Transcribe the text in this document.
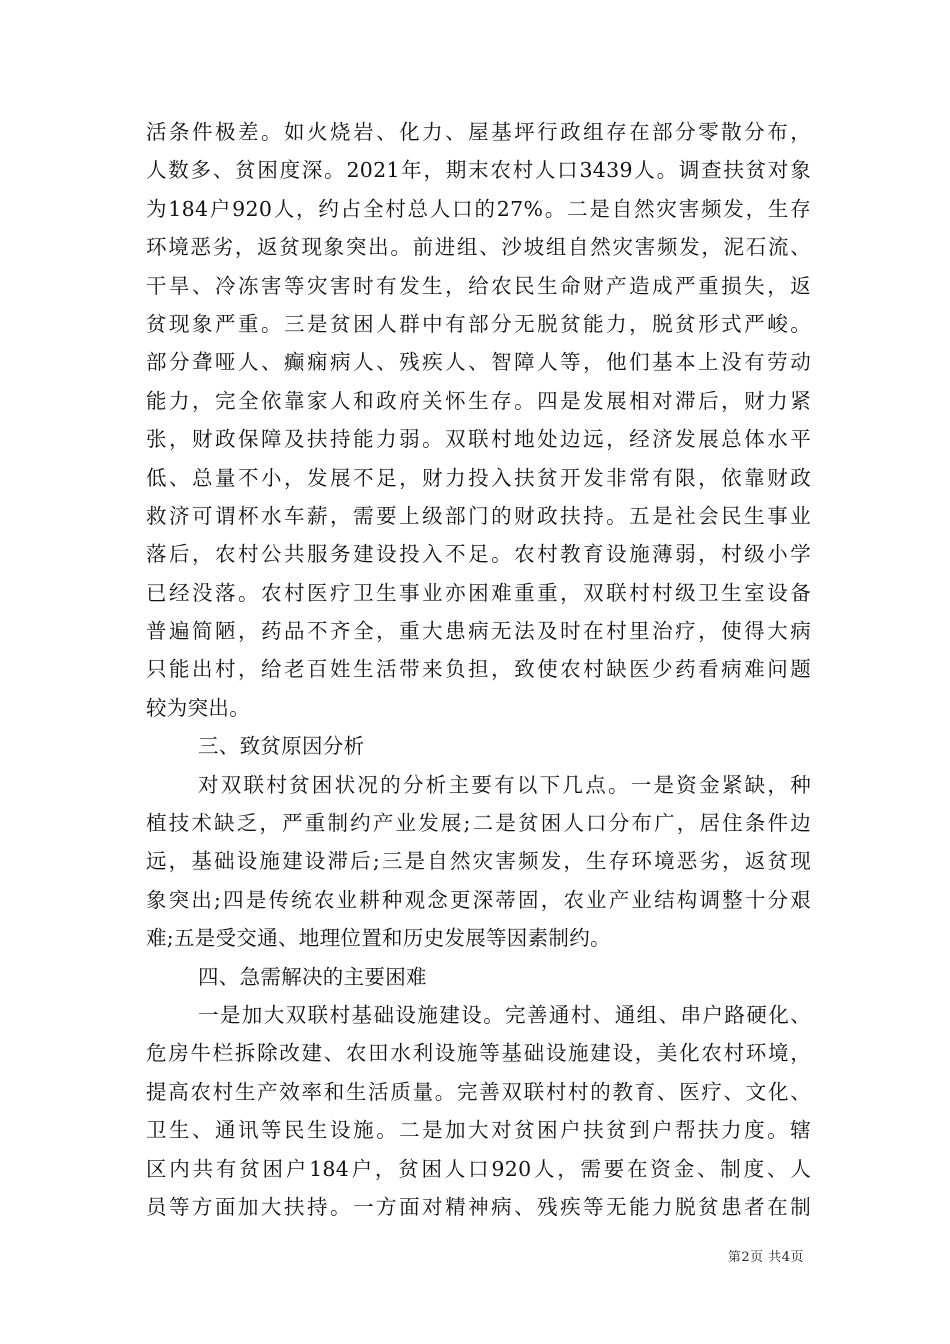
活条件极差。如火烧岩、化力、屋基坪行政组存在部分零散分布，
人数多、贫困度深。2021年，期末农村人口3439人。调查扶贫对象
为184户920人，约占全村总人口的27%。二是自然灾害频发，生存
环境恶劣，返贫现象突出。前进组、沙坡组自然灾害频发，泥石流、
干旱、冷冻害等灾害时有发生，给农民生命财产造成严重损失，返
贫现象严重。三是贫困人群中有部分无脱贫能力，脱贫形式严峻。
部分聋哑人、癫痫病人、残疾人、智障人等，他们基本上没有劳动
能力，完全依靠家人和政府关怀生存。四是发展相对滞后，财力紧
张，财政保障及扶持能力弱。双联村地处边远，经济发展总体水平
低、总量不小，发展不足，财力投入扶贫开发非常有限，依靠财政
救济可谓杯水车薪，需要上级部门的财政扶持。五是社会民生事业
落后，农村公共服务建设投入不足。农村教育设施薄弱，村级小学
已经没落。农村医疗卫生事业亦困难重重，双联村村级卫生室设备
普遍简陋，药品不齐全，重大患病无法及时在村里治疗，使得大病
只能出村，给老百姓生活带来负担，致使农村缺医少药看病难问题
较为突出。
三、致贫原因分析
对双联村贫困状况的分析主要有以下几点。一是资金紧缺，种
植技术缺乏，严重制约产业发展;二是贫困人口分布广，居住条件边
远，基础设施建设滞后;三是自然灾害频发，生存环境恶劣，返贫现
象突出;四是传统农业耕种观念更深蒂固，农业产业结构调整十分艰
难;五是受交通、地理位置和历史发展等因素制约。
四、急需解决的主要困难
一是加大双联村基础设施建设。完善通村、通组、串户路硬化、
危房牛栏拆除改建、农田水利设施等基础设施建设，美化农村环境，
提高农村生产效率和生活质量。完善双联村村的教育、医疗、文化、
卫生、通讯等民生设施。二是加大对贫困户扶贫到户帮扶力度。辖
区内共有贫困户184户，贫困人口920人，需要在资金、制度、人
员等方面加大扶持。一方面对精神病、残疾等无能力脱贫患者在制
第2页 共4页
